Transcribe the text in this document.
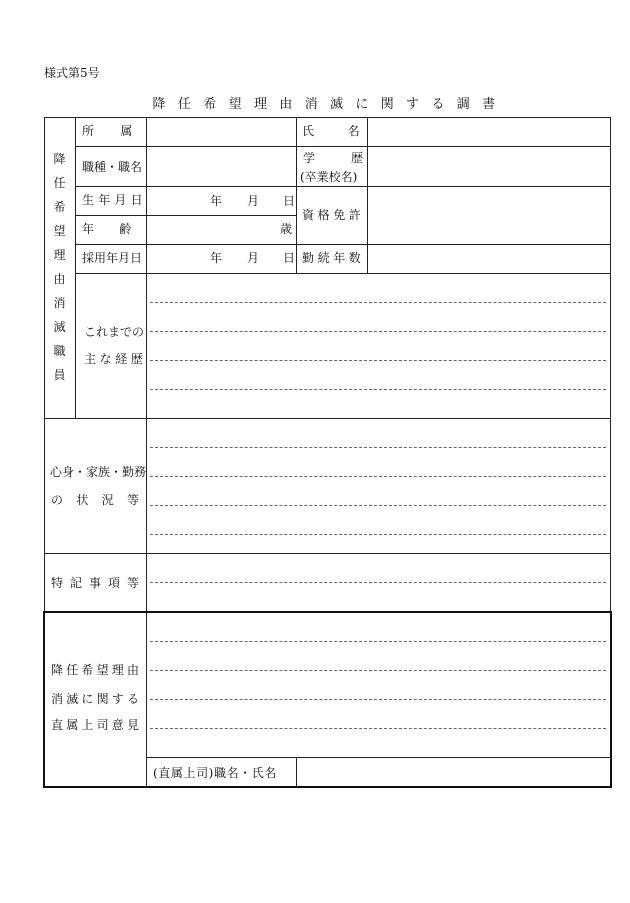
様式第5号
降任希望理由消滅に関する調書
降
任
希
望
理
由
消
滅
職
員
所　属
職種・職名
生年月日
年　齢
採用年月日
年 月 日
歳
年 月 日
氏　名
学　歴
(卒業校名)
資格免許
勤続年数
これまでの
主な経歴
心身・家族・勤務
の 状 況 等
特 記 事 項 等
降 任 希 望 理 由
消 滅 に 関 す る
直 属 上 司 意 見
(直属上司)職名・氏名
